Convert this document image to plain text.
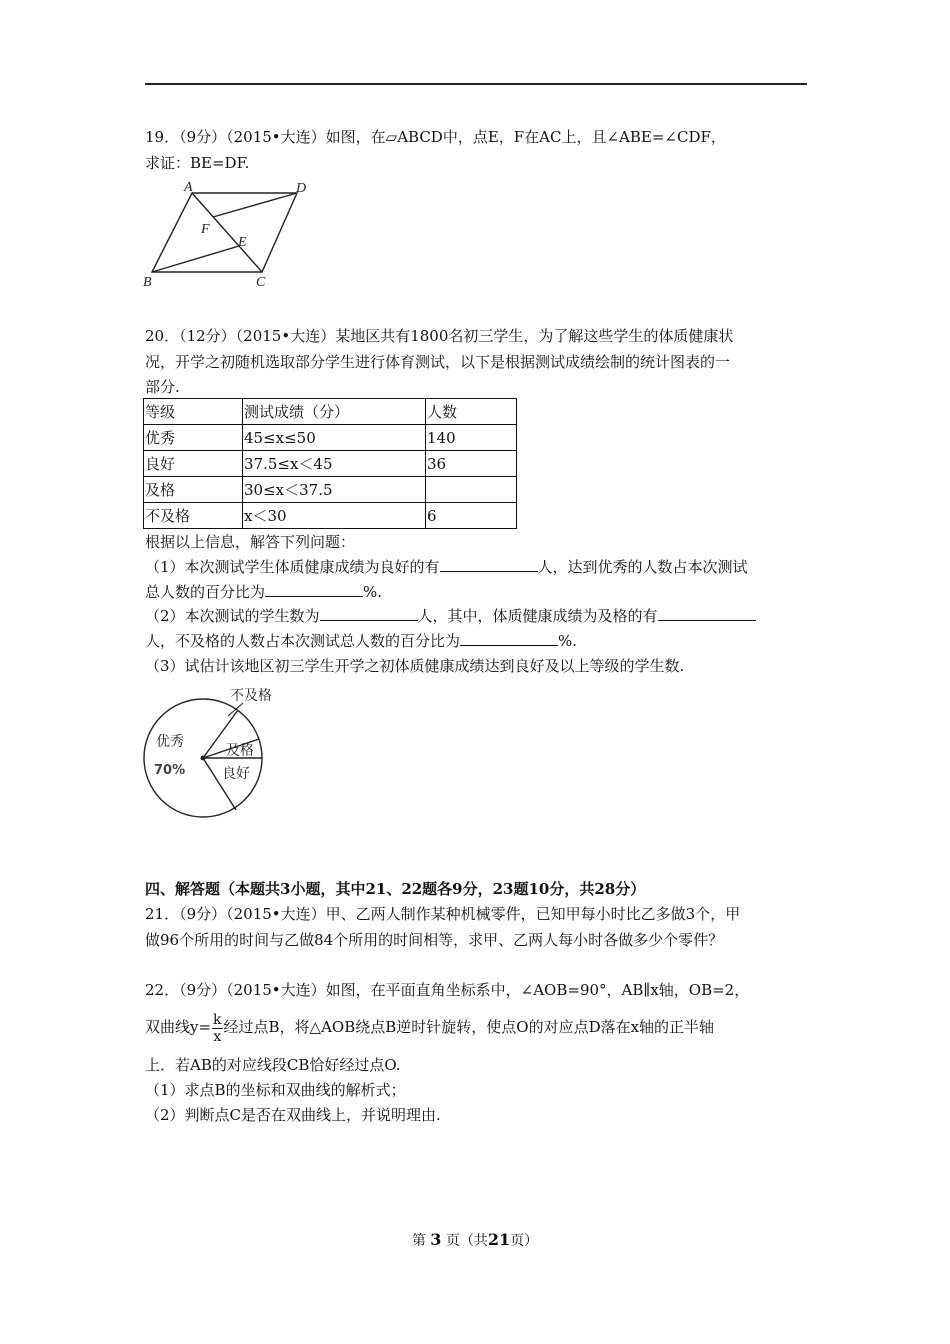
19．（9分）（2015•大连）如图，在▱ABCD中，点E，F在AC上，且∠ABE=∠CDF，
求证：BE=DF.
A	D
F
E
B	C
20．（12分）（2015•大连）某地区共有1800名初三学生，为了解这些学生的体质健康状
况，开学之初随机选取部分学生进行体育测试，以下是根据测试成绩绘制的统计图表的一
部分.
等级	测试成绩（分）	人数
优秀	45≤x≤50	140
良好	37.5≤x＜45	36
及格	30≤x＜37.5	
不及格	x＜30	6
根据以上信息，解答下列问题：
（1）本次测试学生体质健康成绩为良好的有	人，达到优秀的人数占本次测试
总人数的百分比为	%.
（2）本次测试的学生数为	人，其中，体质健康成绩为及格的有
人，不及格的人数占本次测试总人数的百分比为	%.
（3）试估计该地区初三学生开学之初体质健康成绩达到良好及以上等级的学生数.
优秀
70%
不及格
及格
良好
四、解答题（本题共3小题，其中21、22题各9分，23题10分，共28分）
21．（9分）（2015•大连）甲、乙两人制作某种机械零件，已知甲每小时比乙多做3个，甲
做96个所用的时间与乙做84个所用的时间相等，求甲、乙两人每小时各做多少个零件？
22．（9分）（2015•大连）如图，在平面直角坐标系中，∠AOB=90°，AB∥x轴，OB=2，
双曲线$y= \frac{k}{x}$ 经过点B，将△AOB绕点B逆时针旋转，使点O的对应点D落在x轴的正半轴
上．若AB的对应线段CB恰好经过点O.
（1）求点B的坐标和双曲线的解析式；
（2）判断点C是否在双曲线上，并说明理由.
第 3 页（共21页）
